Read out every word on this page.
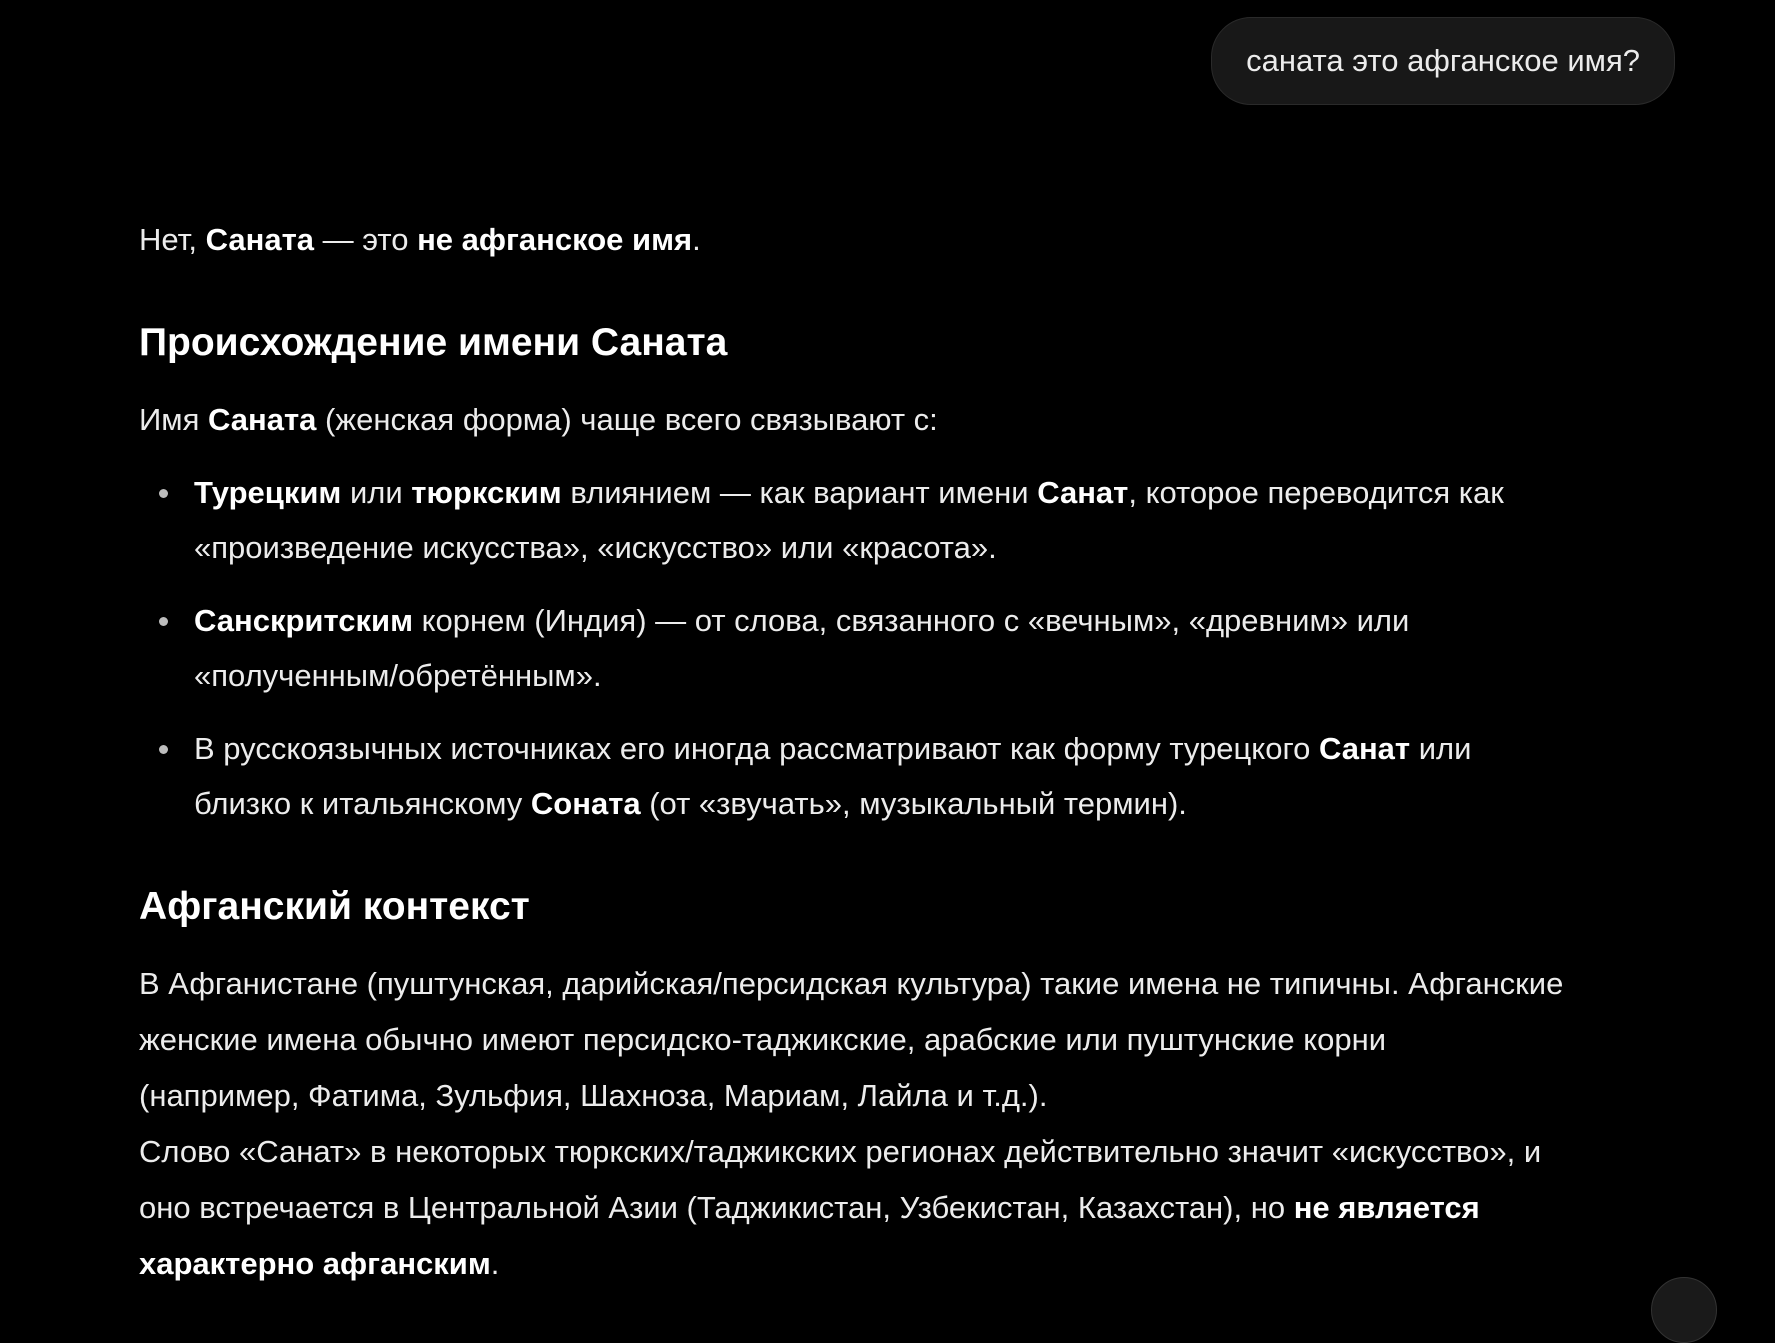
саната это афганское имя?
Нет, Саната — это не афганское имя.
Происхождение имени Саната
Имя Саната (женская форма) чаще всего связывают с:
Турецким или тюркским влиянием — как вариант имени Санат, которое переводится как
«произведение искусства», «искусство» или «красота».
Санскритским корнем (Индия) — от слова, связанного с «вечным», «древним» или
«полученным/обретённым».
В русскоязычных источниках его иногда рассматривают как форму турецкого Санат или
близко к итальянскому Соната (от «звучать», музыкальный термин).
Афганский контекст
В Афганистане (пуштунская, дарийская/персидская культура) такие имена не типичны. Афганские
женские имена обычно имеют персидско-таджикские, арабские или пуштунские корни
(например, Фатима, Зульфия, Шахноза, Мариам, Лайла и т.д.).
Слово «Санат» в некоторых тюркских/таджикских регионах действительно значит «искусство», и
оно встречается в Центральной Азии (Таджикистан, Узбекистан, Казахстан), но не является
характерно афганским.
